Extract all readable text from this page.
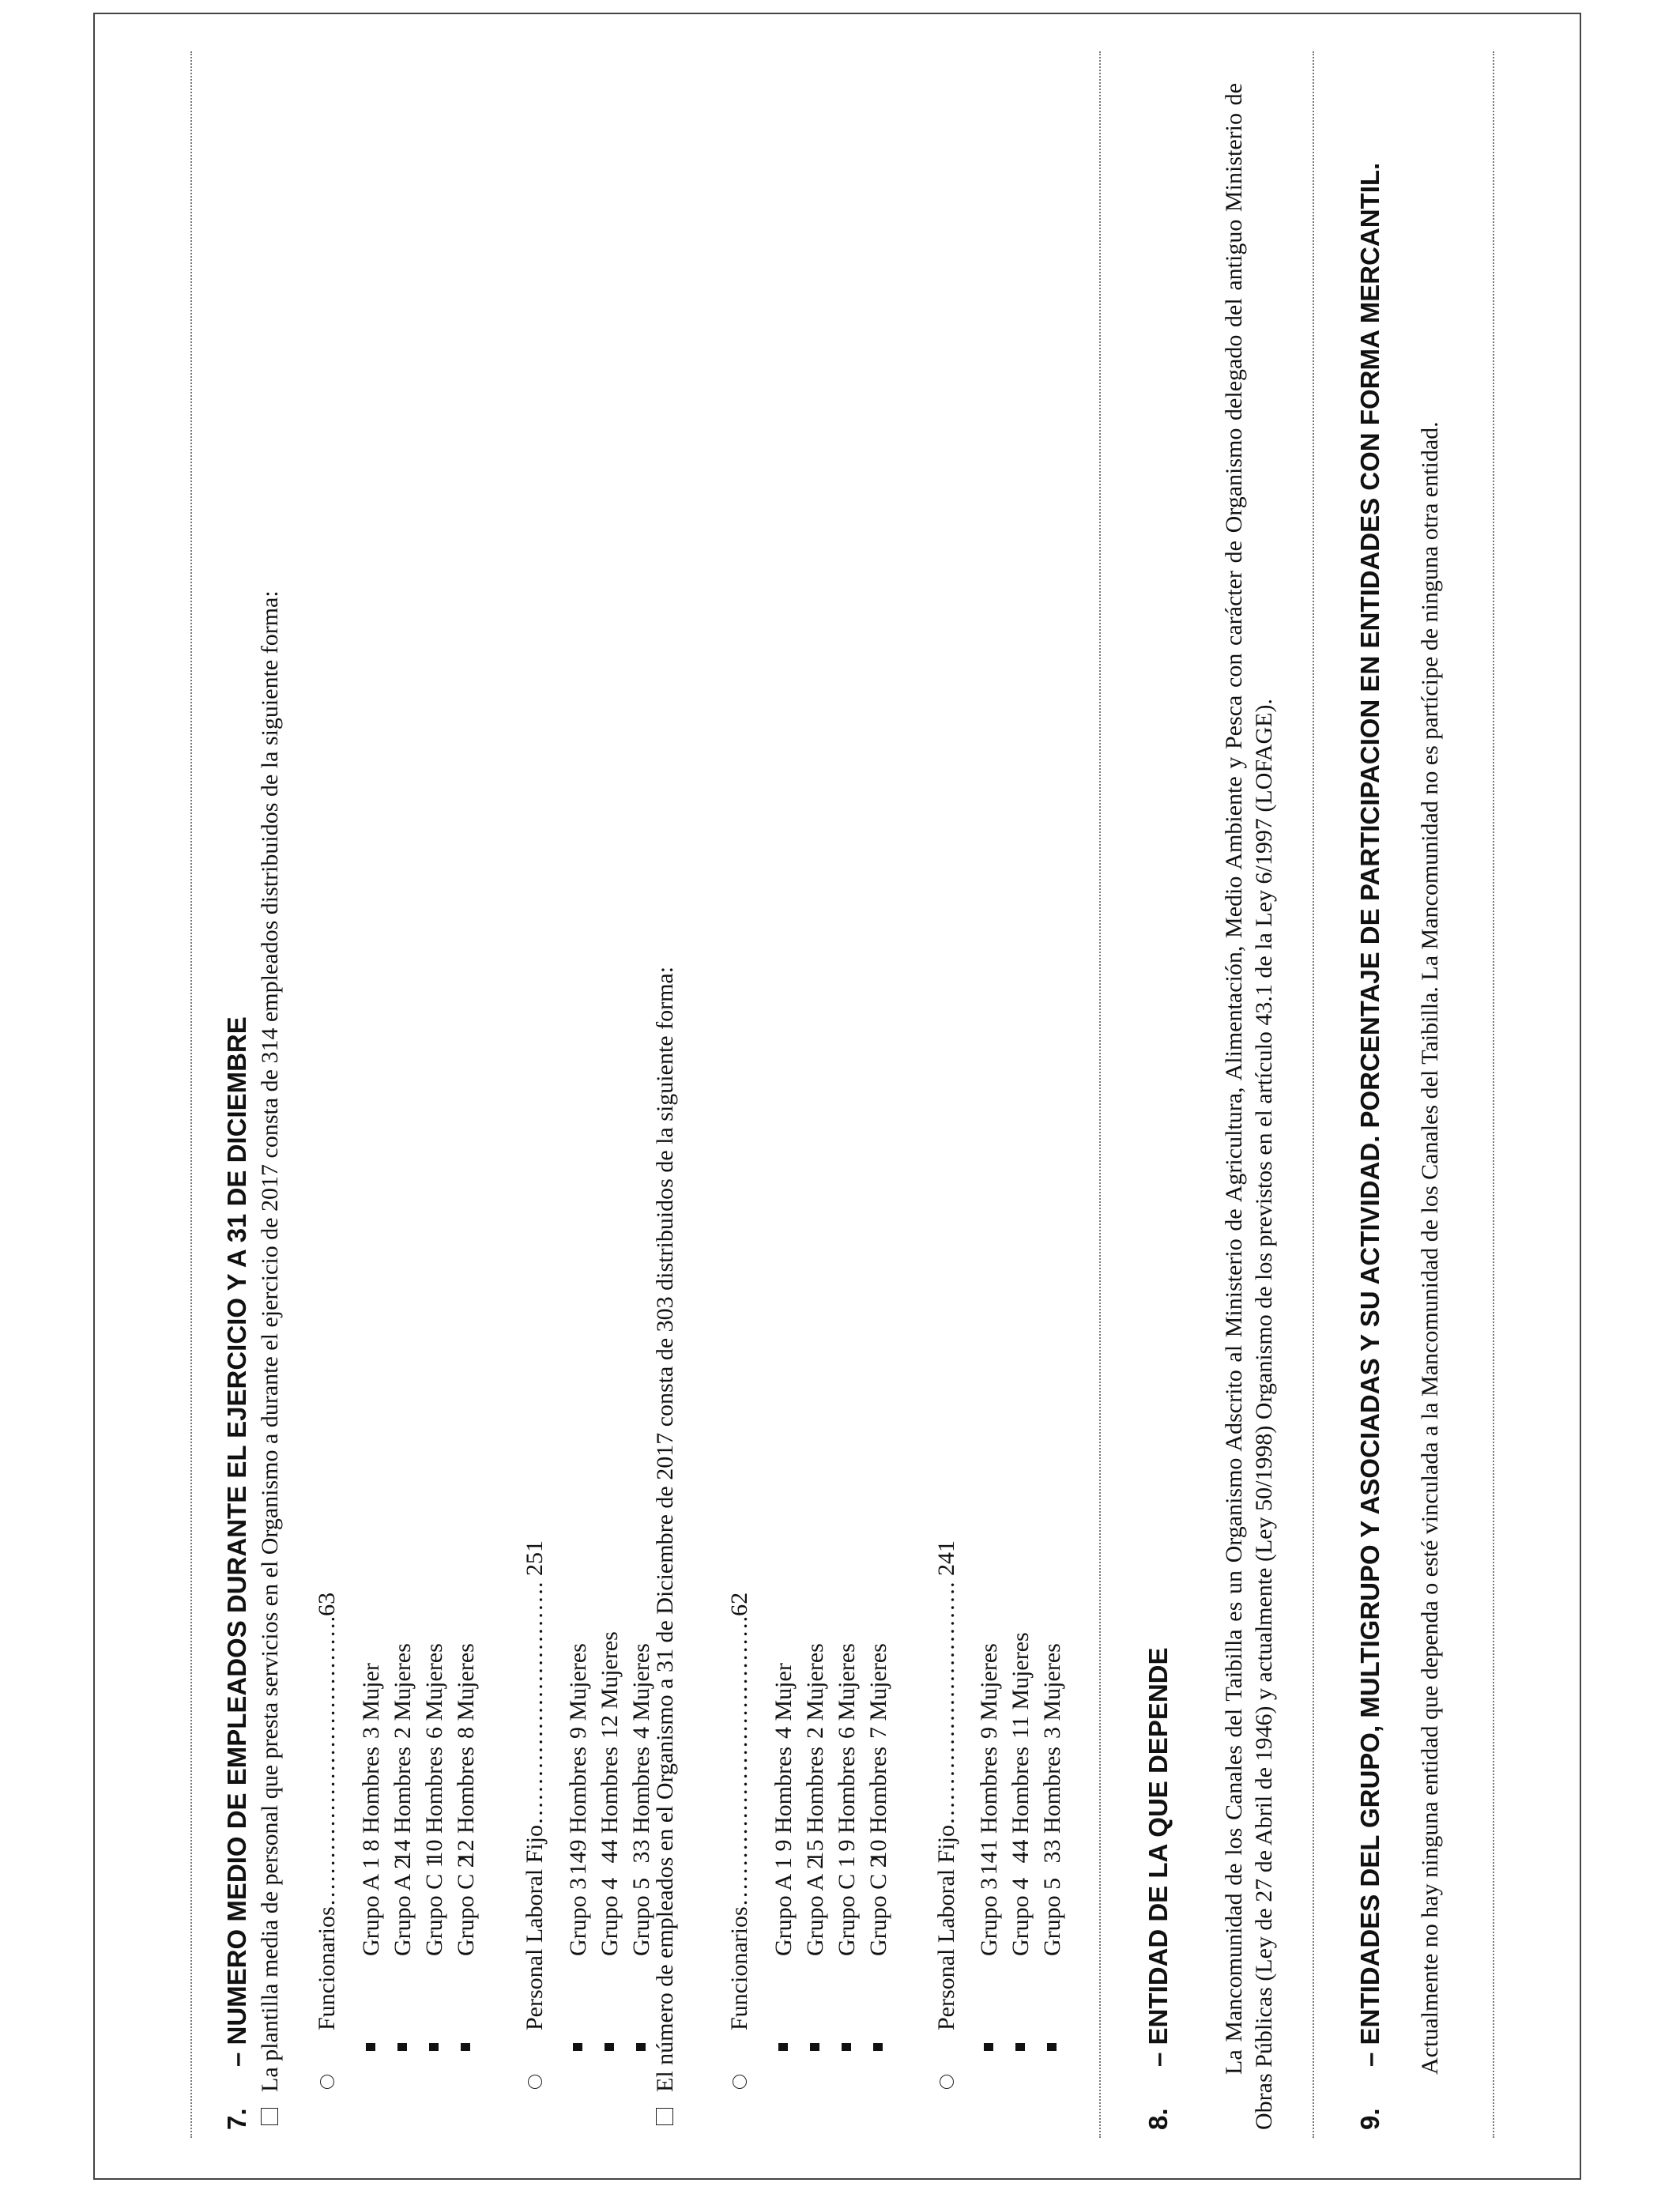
7.– NUMERO MEDIO DE EMPLEADOS DURANTE EL EJERCICIO Y A 31 DE DICIEMBRE La plantilla media de personal que presta servicios en el Organismo a durante el ejercicio de 2017 consta de 314 empleados distribuidos de la siguiente forma: Funcionarios……………………………….63 Grupo A 1
8 Hombres
3 Mujer
Grupo A 2
14 Hombres
2 Mujeres
Grupo C 1
10 Hombres
6 Mujeres
Grupo C 2
12 Hombres
8 Mujeres Personal Laboral Fijo…………………………. 251 Grupo 3
149 Hombres
9 Mujeres
Grupo 4
44 Hombres
12 Mujeres
Grupo 5
33 Hombres
4 Mujeres
El número de empleados en el Organismo a 31 de Diciembre de 2017 consta de 303 distribuidos de la siguiente forma: Funcionarios……………………………….62 Grupo A 1
9 Hombres
4 Mujer
Grupo A 2
15 Hombres
2 Mujeres
Grupo C 1
9 Hombres
6 Mujeres
Grupo C 2
10 Hombres
7 Mujeres Personal Laboral Fijo…………………………. 241 Grupo 3
141 Hombres
9 Mujeres
Grupo 4
44 Hombres
11 Mujeres
Grupo 5
33 Hombres
3 Mujeres
8.– ENTIDAD DE LA QUE DEPENDE La Mancomunidad de los Canales del Taibilla es un Organismo Adscrito al Ministerio de Agricultura, Alimentación, Medio Ambiente y Pesca con carácter de Organismo delegado del antiguo Ministerio de Obras Públicas (Ley de 27 de Abril de 1946) y actualmente (Ley 50/1998) Organismo de los previstos en el artículo 43.1 de la Ley 6/1997 (LOFAGE).	9.– ENTIDADES DEL GRUPO, MULTIGRUPO Y ASOCIADAS Y SU ACTIVIDAD. PORCENTAJE DE PARTICIPACION EN ENTIDADES CON FORMA MERCANTIL. Actualmente no hay ninguna entidad que dependa o esté vinculada a la Mancomunidad de los Canales del Taibilla. La Mancomunidad no es partícipe de ninguna otra entidad.
